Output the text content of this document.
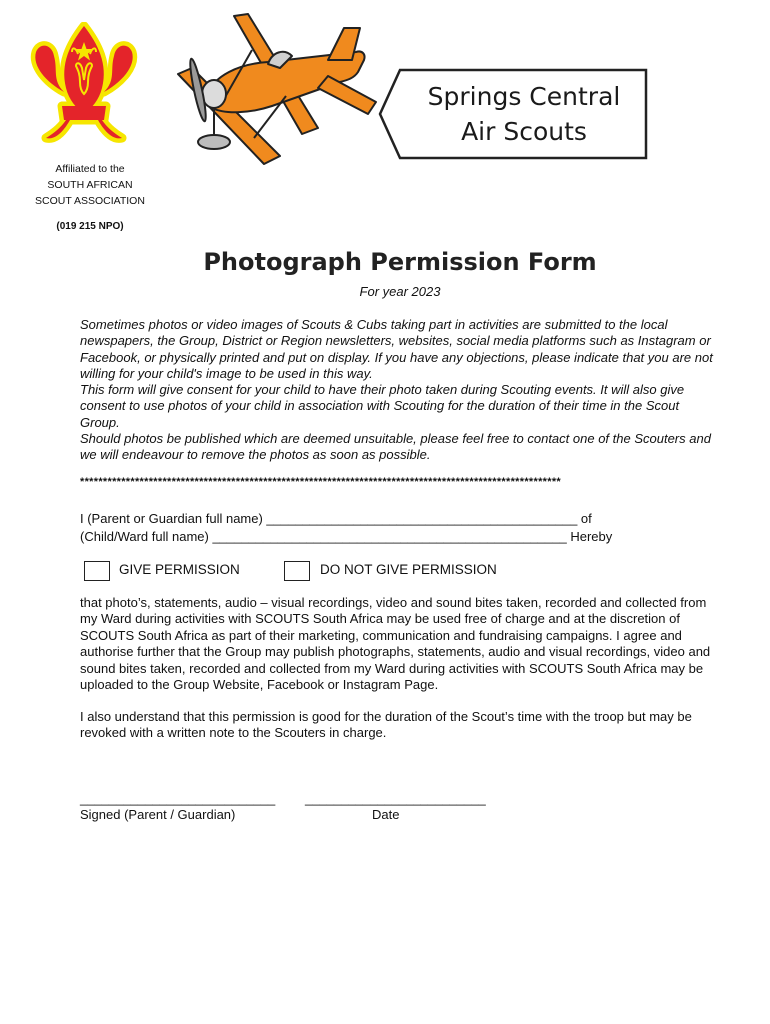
Springs Central
Air Scouts
Affiliated to the
SOUTH AFRICAN
SCOUT ASSOCIATION
(019 215 NPO)
Photograph Permission Form
For year 2023

Sometimes photos or video images of Scouts & Cubs taking part in activities are submitted to the local newspapers, the Group, District or Region newsletters, websites, social media platforms such as Instagram or Facebook, or physically printed and put on display. If you have any objections, please indicate that you are not willing for your child's image to be used in this way.

This form will give consent for your child to have their photo taken during Scouting events. It will also give consent to use photos of your child in association with Scouting for the duration of their time in the Scout Group.

Should photos be published which are deemed unsuitable, please feel free to contact one of the Scouters and we will endeavour to remove the photos as soon as possible.

*********************************************************************************************************
I (Parent or Guardian full name) ___________________________________________ of
(Child/Ward full name) _________________________________________________ Hereby
GIVE PERMISSION	DO NOT GIVE PERMISSION

that photo’s, statements, audio – visual recordings, video and sound bites taken, recorded and collected from my Ward during activities with SCOUTS South Africa may be used free of charge and at the discretion of SCOUTS South Africa as part of their marketing, communication and fundraising campaigns. I agree and authorise further that the Group may publish photographs, statements, audio and visual recordings, video and sound bites taken, recorded and collected from my Ward during activities with SCOUTS South Africa may be uploaded to the Group Website, Facebook or Instagram Page.

I also understand that this permission is good for the duration of the Scout’s time with the troop but may be revoked with a written note to the Scouters in charge.

___________________________ _________________________
Signed (Parent / Guardian)	Date
